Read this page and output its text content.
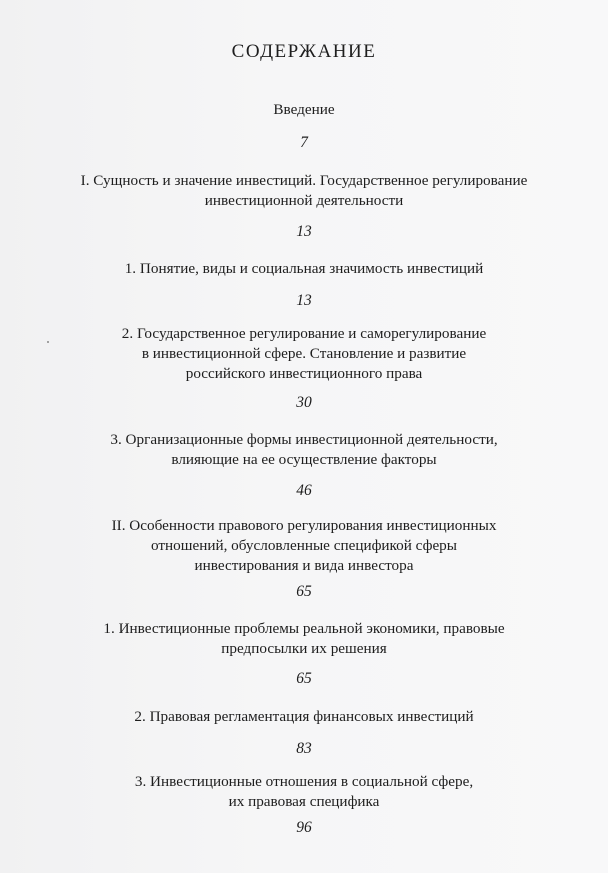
СОДЕРЖАНИЕ
Введение
7
I. Сущность и значение инвестиций. Государственное регулирование
инвестиционной деятельности
13
1. Понятие, виды и социальная значимость инвестиций
13
2. Государственное регулирование и саморегулирование
в инвестиционной сфере. Становление и развитие
российского инвестиционного права
30
3. Организационные формы инвестиционной деятельности,
влияющие на ее осуществление факторы
46
II. Особенности правового регулирования инвестиционных
отношений, обусловленные спецификой сферы
инвестирования и вида инвестора
65
1. Инвестиционные проблемы реальной экономики, правовые
предпосылки их решения
65
2. Правовая регламентация финансовых инвестиций
83
3. Инвестиционные отношения в социальной сфере,
их правовая специфика
96
